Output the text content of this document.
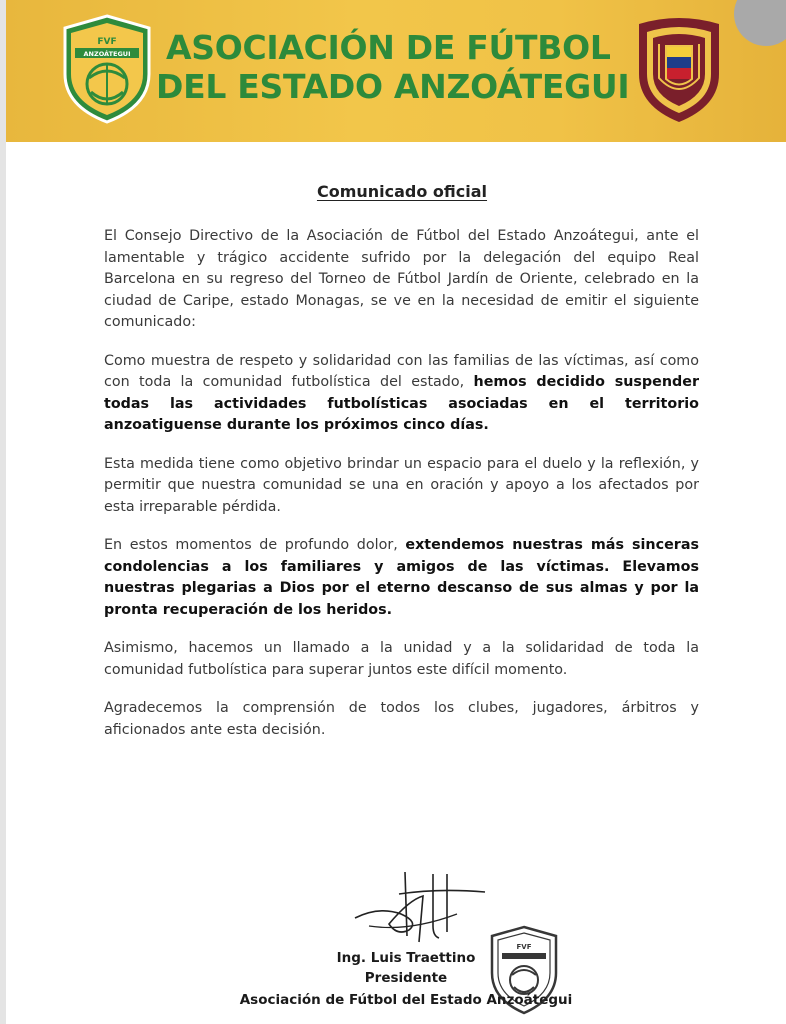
FVF
ANZOÁTEGUI ASOCIACIÓN DE FÚTBOL
DEL ESTADO ANZOÁTEGUI
Comunicado oficial

El Consejo Directivo de la Asociación de Fútbol del Estado Anzoátegui, ante el lamentable y trágico accidente sufrido por la delegación del equipo Real Barcelona en su regreso del Torneo de Fútbol Jardín de Oriente, celebrado en la ciudad de Caripe, estado Monagas, se ve en la necesidad de emitir el siguiente comunicado:

Como muestra de respeto y solidaridad con las familias de las víctimas, así como con toda la comunidad futbolística del estado, hemos decidido suspender todas las actividades futbolísticas asociadas en el territorio anzoatiguense durante los próximos cinco días.

Esta medida tiene como objetivo brindar un espacio para el duelo y la reflexión, y permitir que nuestra comunidad se una en oración y apoyo a los afectados por esta irreparable pérdida.

En estos momentos de profundo dolor, extendemos nuestras más sinceras condolencias a los familiares y amigos de las víctimas. Elevamos nuestras plegarias a Dios por el eterno descanso de sus almas y por la pronta recuperación de los heridos.

Asimismo, hacemos un llamado a la unidad y a la solidaridad de toda la comunidad futbolística para superar juntos este difícil momento.

Agradecemos la comprensión de todos los clubes, jugadores, árbitros y aficionados ante esta decisión.

Ing. Luis Traettino
Presidente
Asociación de Fútbol del Estado Anzoátegui
FVF
